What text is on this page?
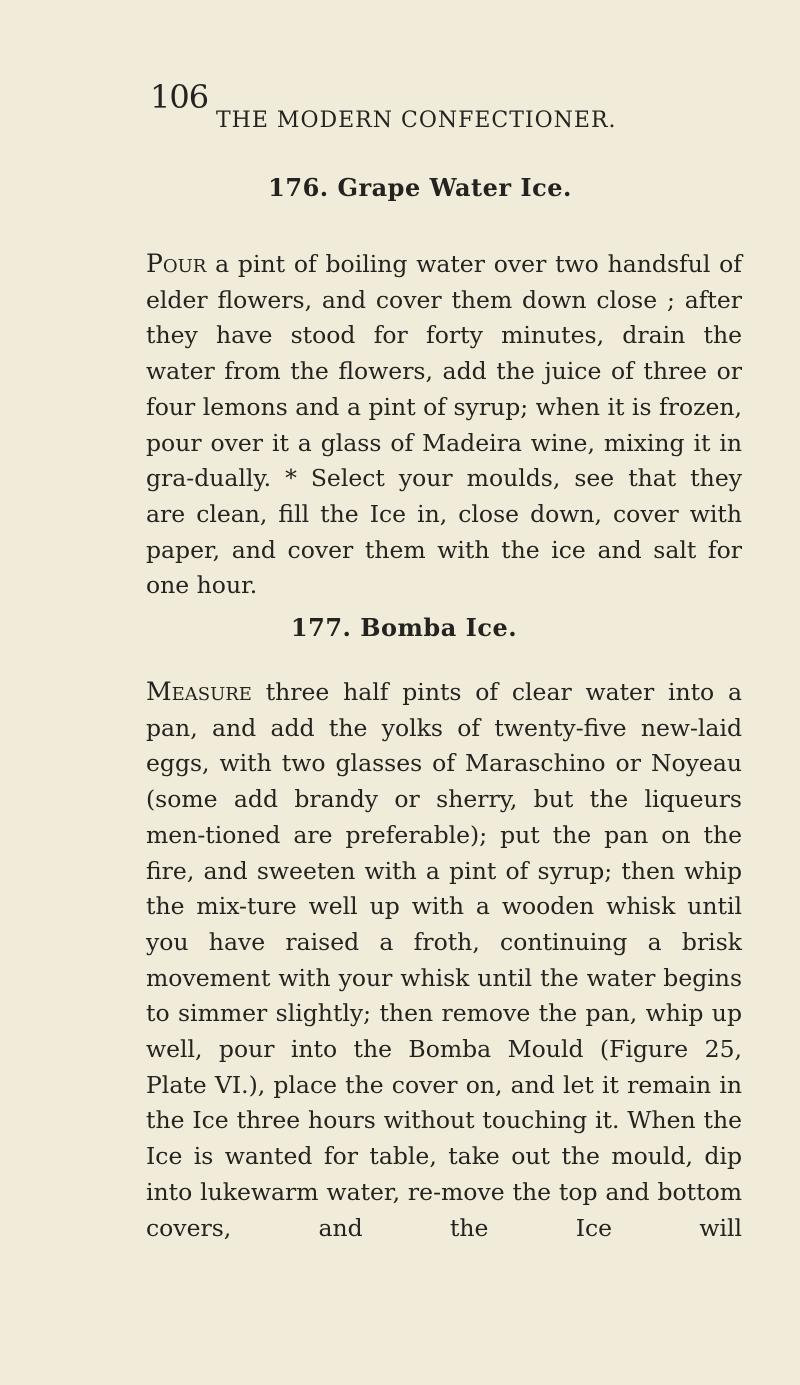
106
THE MODERN CONFECTIONER.
176. Grape Water Ice.

Pour a pint of boiling water over two handsful of elder flowers, and cover them down close ; after they have stood for forty minutes, drain the water from the flowers, add the juice of three or four lemons and a pint of syrup; when it is frozen, pour over it a glass of Madeira wine, mixing it in gra-dually. * Select your moulds, see that they are clean, fill the Ice in, close down, cover with paper, and cover them with the ice and salt for one hour.

177. Bomba Ice.

Measure three half pints of clear water into a pan, and add the yolks of twenty-five new-laid eggs, with two glasses of Maraschino or Noyeau (some add brandy or sherry, but the liqueurs men-tioned are preferable); put the pan on the fire, and sweeten with a pint of syrup; then whip the mix-ture well up with a wooden whisk until you have raised a froth, continuing a brisk movement with your whisk until the water begins to simmer slightly; then remove the pan, whip up well, pour into the Bomba Mould (Figure 25, Plate VI.), place the cover on, and let it remain in the Ice three hours without touching it. When the Ice is wanted for table, take out the mould, dip into lukewarm water, re-move the top and bottom covers, and the Ice will
